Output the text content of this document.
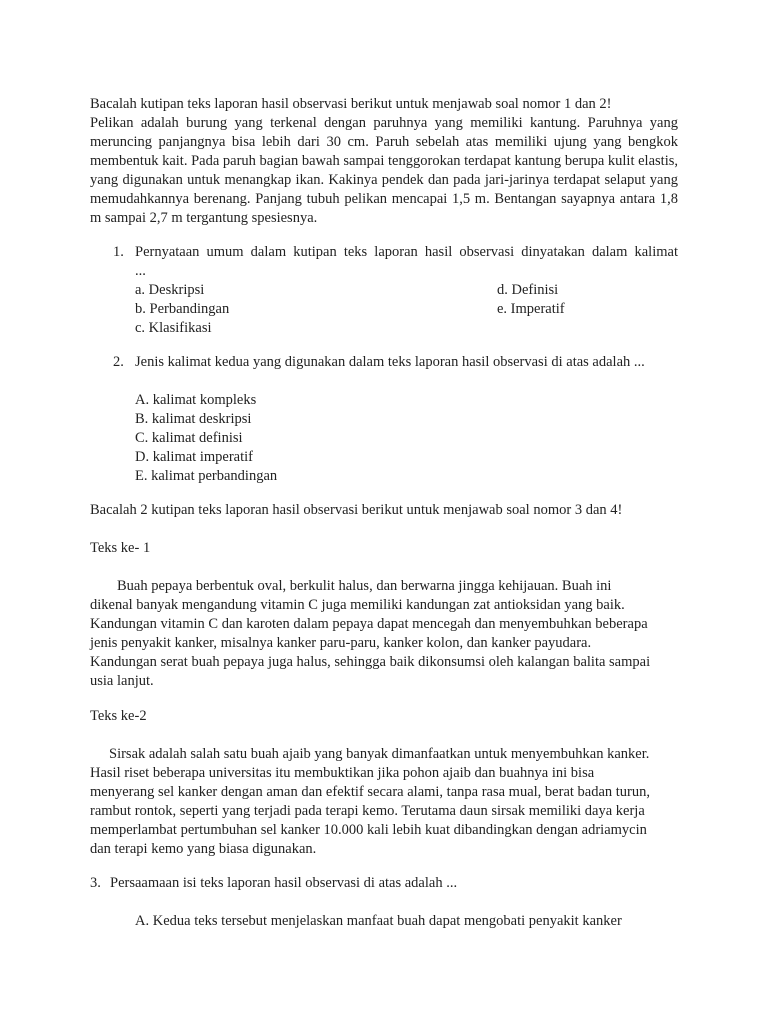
Bacalah kutipan teks laporan hasil observasi berikut untuk menjawab soal nomor 1 dan 2!

Pelikan adalah burung yang terkenal dengan paruhnya yang memiliki kantung. Paruhnya yang meruncing panjangnya bisa lebih dari 30 cm. Paruh sebelah atas memiliki ujung yang bengkok membentuk kait. Pada paruh bagian bawah sampai tenggorokan terdapat kantung berupa kulit elastis, yang digunakan untuk menangkap ikan. Kakinya pendek dan pada jari-jarinya terdapat selaput yang memudahkannya berenang. Panjang tubuh pelikan mencapai 1,5 m. Bentangan sayapnya antara 1,8 m sampai 2,7 m tergantung spesiesnya.

1. Pernyataan umum dalam kutipan teks laporan hasil observasi dinyatakan dalam kalimat
...
a. Deskripsi
b. Perbandingan
c. Klasifikasi
d. Definisi
e. Imperatif
2. Jenis kalimat kedua yang digunakan dalam teks laporan hasil observasi di atas adalah ...
A. kalimat kompleks
B. kalimat deskripsi
C. kalimat definisi
D. kalimat imperatif
E. kalimat perbandingan

Bacalah 2 kutipan teks laporan hasil observasi berikut untuk menjawab soal nomor 3 dan 4!

Teks ke- 1

Buah pepaya berbentuk oval, berkulit halus, dan berwarna jingga kehijauan. Buah ini

dikenal banyak mengandung vitamin C juga memiliki kandungan zat antioksidan yang baik.

Kandungan vitamin C dan karoten dalam pepaya dapat mencegah dan menyembuhkan beberapa

jenis penyakit kanker, misalnya kanker paru-paru, kanker kolon, dan kanker payudara.

Kandungan serat buah pepaya juga halus, sehingga baik dikonsumsi oleh kalangan balita sampai

usia lanjut.

Teks ke-2

Sirsak adalah salah satu buah ajaib yang banyak dimanfaatkan untuk menyembuhkan kanker.

Hasil riset beberapa universitas itu membuktikan jika pohon ajaib dan buahnya ini bisa

menyerang sel kanker dengan aman dan efektif secara alami, tanpa rasa mual, berat badan turun,

rambut rontok, seperti yang terjadi pada terapi kemo. Terutama daun sirsak memiliki daya kerja

memperlambat pertumbuhan sel kanker 10.000 kali lebih kuat dibandingkan dengan adriamycin

dan terapi kemo yang biasa digunakan.

3. Persaamaan isi teks laporan hasil observasi di atas adalah ...
A. Kedua teks tersebut menjelaskan manfaat buah dapat mengobati penyakit kanker
